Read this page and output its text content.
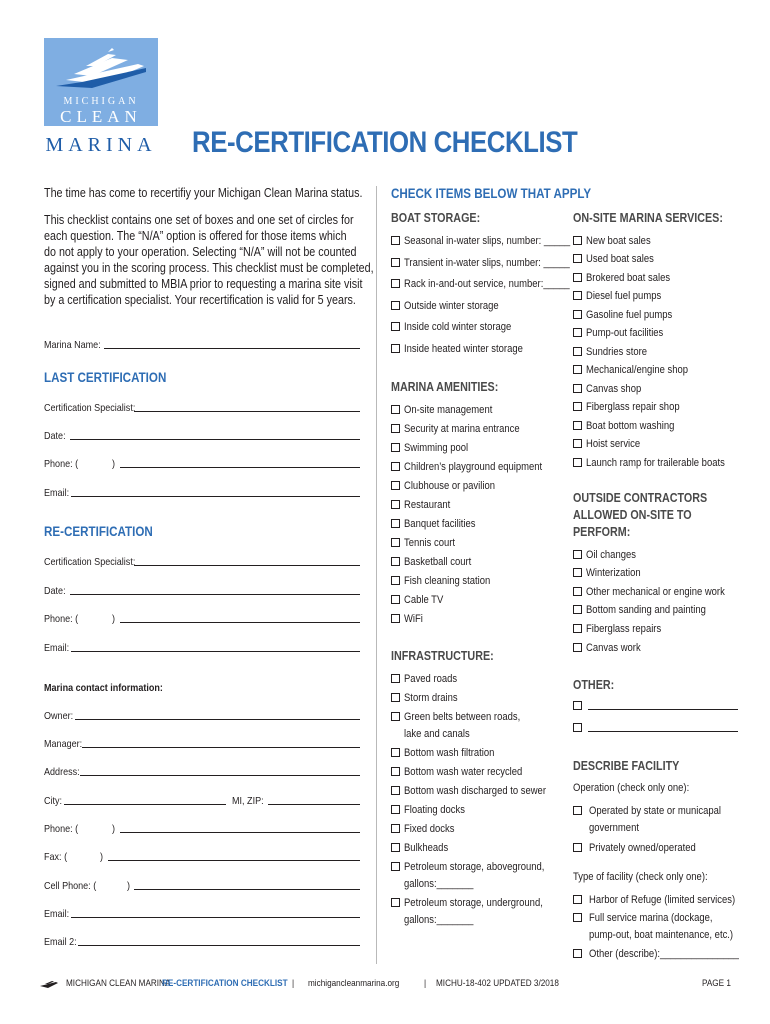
MICHIGAN
CLEAN
MARINA RE-CERTIFICATION CHECKLIST
The time has come to recertifiy your Michigan Clean Marina status.
This checklist contains one set of boxes and one set of circles for
each question. The “N/A” option is offered for those items which
do not apply to your operation. Selecting “N/A” will not be counted
against you in the scoring process. This checklist must be completed,
signed and submitted to MBIA prior to requesting a marina site visit
by a certification specialist. Your recertification is valid for 5 years.
Marina Name:
LAST CERTIFICATION
Certification Specialist:
Date:
Phone: (	)
Email:
RE-CERTIFICATION
Certification Specialist:
Date:
Phone: (	)
Email:
Marina contact information:
Owner:
Manager:
Address:
City:	MI, ZIP:
Phone: (	)
Fax: (	)
Cell Phone: (	)
Email:
Email 2:
CHECK ITEMS BELOW THAT APPLY
BOAT STORAGE:
Seasonal in-water slips, number: _____
Transient in-water slips, number: _____
Rack in-and-out service, number:_____
Outside winter storage
Inside cold winter storage
Inside heated winter storage
MARINA AMENITIES:
On-site management
Security at marina entrance
Swimming pool
Children’s playground equipment
Clubhouse or pavilion
Restaurant
Banquet facilities
Tennis court
Basketball court
Fish cleaning station
Cable TV
WiFi
INFRASTRUCTURE:
Paved roads
Storm drains
Green belts between roads,
lake and canals
Bottom wash filtration
Bottom wash water recycled
Bottom wash discharged to sewer
Floating docks
Fixed docks
Bulkheads
Petroleum storage, aboveground,
gallons:_______
Petroleum storage, underground,
gallons:_______
ON-SITE MARINA SERVICES:
New boat sales
Used boat sales
Brokered boat sales
Diesel fuel pumps
Gasoline fuel pumps
Pump-out facilities
Sundries store
Mechanical/engine shop
Canvas shop
Fiberglass repair shop
Boat bottom washing
Hoist service
Launch ramp for trailerable boats
OUTSIDE CONTRACTORS
ALLOWED ON-SITE TO
PERFORM:
Oil changes
Winterization
Other mechanical or engine work
Bottom sanding and painting
Fiberglass repairs
Canvas work
OTHER:
DESCRIBE FACILITY
Operation (check only one):
Operated by state or municapal
government
Privately owned/operated
Type of facility (check only one):
Harbor of Refuge (limited services)
Full service marina (dockage,
pump-out, boat maintenance, etc.)
Other (describe):_______________
MICHIGAN CLEAN MARINA
RE-CERTIFICATION CHECKLIST | michigancleanmarina.org	| MICHU-18-402 UPDATED 3/2018	PAGE 1
